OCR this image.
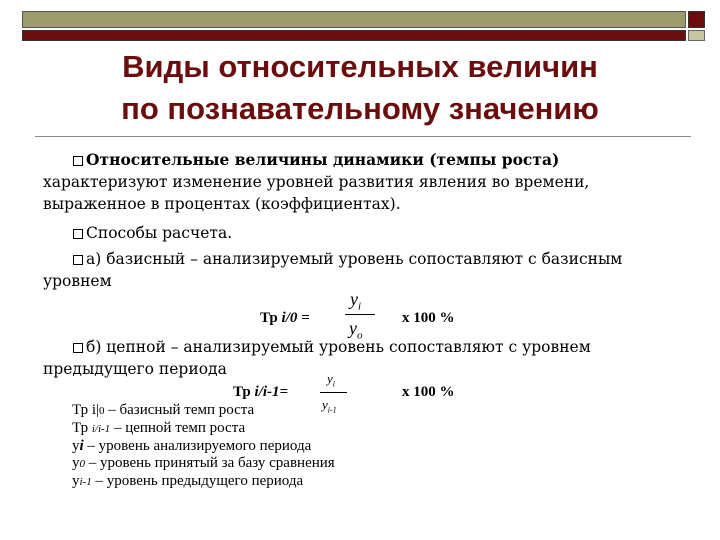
Виды относительных величин
по познавательному значению
Относительные величины динамики (темпы роста)
характеризуют изменение уровней развития явления во времени, выраженное в процентах (коэффициентах).
Способы расчета.
а) базисный – анализируемый уровень сопоставляют с базисным уровнем
Тр i/0 =
$y_i$
$y_o$
x 100 %
б) цепной – анализируемый уровень сопоставляют с уровнем предыдущего периода
Тр i/i-1=
$y_i$
$y_{i-1}$
x 100 %
Тр i|0 – базисный темп роста
Тр i/i-1 – цепной темп роста
yi – уровень анализируемого периода
y0 – уровень принятый за базу сравнения
yi-1 – уровень предыдущего периода
